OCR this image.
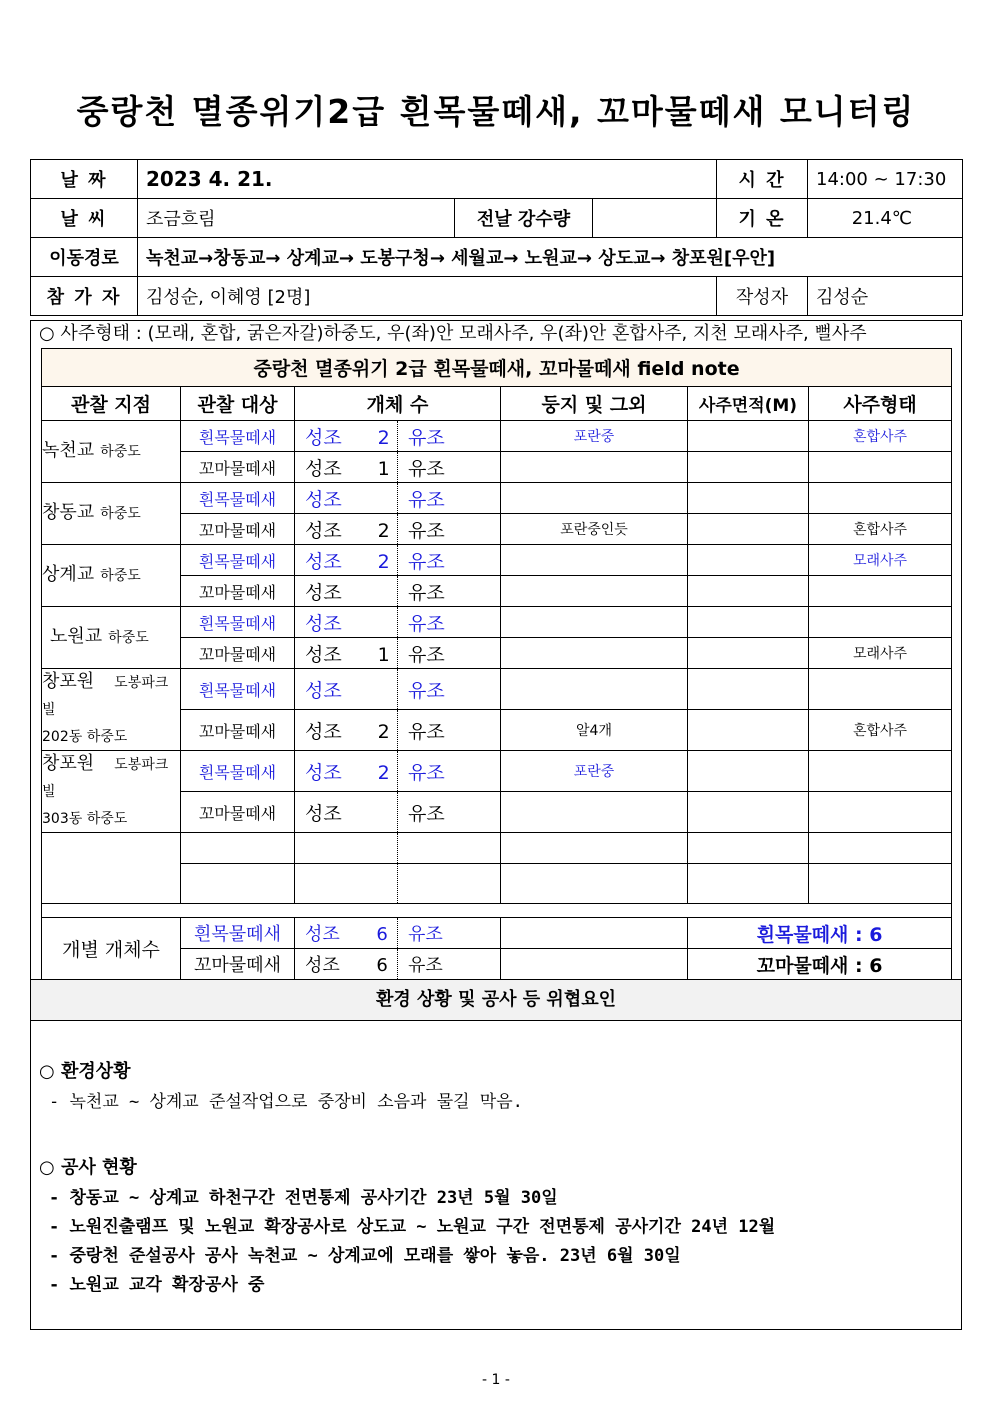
중랑천 멸종위기2급 흰목물떼새, 꼬마물떼새 모니터링
날 짜	2023 4. 21.			시 간	14:00 ~ 17:30
날 씨	조금흐림	전날 강수량		기 온	21.4℃
이동경로	녹천교→창동교→ 상계교→ 도봉구청→ 세월교→ 노원교→ 상도교→ 창포원[우안]				
참 가 자	김성순, 이혜영 [2명]			작성자	김성순
○ 사주형태 : (모래, 혼합, 굵은자갈)하중도, 우(좌)안 모래사주, 우(좌)안 혼합사주, 지천 모래사주, 뻘사주
중랑천 멸종위기 2급 흰목물떼새, 꼬마물떼새 field note						
관찰 지점	관찰 대상	개체 수		둥지 및 그외	사주면적(M)	사주형태
녹천교 하중도	흰목물떼새	성조 2	유조	포란중		혼합사주
	꼬마물떼새	성조 1	유조			
창동교 하중도	흰목물떼새	성조	유조			
	꼬마물떼새	성조 2	유조	포란중인듯		혼합사주
상계교 하중도	흰목물떼새	성조 2	유조			모래사주
	꼬마물떼새	성조	유조			
노원교 하중도	흰목물떼새	성조	유조			
	꼬마물떼새	성조 1	유조			모래사주
창포원 도봉파크빌
202동 하중도	흰목물떼새	성조	유조			
	꼬마물떼새	성조 2	유조	알4개		혼합사주
창포원 도봉파크빌
303동 하중도	흰목물떼새	성조 2	유조	포란중		
	꼬마물떼새	성조	유조			

개별 개체수	흰목물떼새	성조 6	유조		흰목물떼새 : 6	
	꼬마물떼새	성조 6	유조		꼬마물떼새 : 6	
환경 상황 및 공사 등 위협요인
○ 환경상황
- 녹천교 ~ 상계교 준설작업으로 중장비 소음과 물길 막음.
○ 공사 현황
- 창동교 ~ 상계교 하천구간 전면통제 공사기간 23년 5월 30일
- 노원진출램프 및 노원교 확장공사로 상도교 ~ 노원교 구간 전면통제 공사기간 24년 12월
- 중랑천 준설공사 공사 녹천교 ~ 상계교에 모래를 쌓아 놓음. 23년 6월 30일
- 노원교 교각 확장공사 중
- 1 -
